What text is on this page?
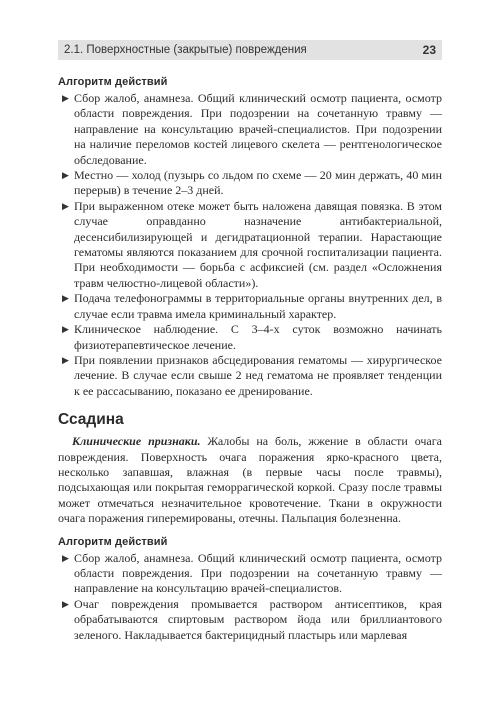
2.1. Поверхностные (закрытые) повреждения	23
Алгоритм действий
▶ Сбор жалоб, анамнеза. Общий клинический осмотр пациента, осмотр области повреждения. При подозрении на сочетанную травму — направление на консультацию врачей-специалистов. При подозрении на наличие переломов костей лицевого скелета — рентгенологическое обследование.
▶ Местно — холод (пузырь со льдом по схеме — 20 мин держать, 40 мин перерыв) в течение 2–3 дней.
▶ При выраженном отеке может быть наложена давящая повязка. В этом случае оправданно назначение антибактериальной, десенсибилизирующей и дегидратационной терапии. Нарастающие гематомы являются показанием для срочной госпитализации пациента. При необходимости — борьба с асфиксией (см. раздел «Осложнения травм челюстно-лицевой области»).
▶ Подача телефонограммы в территориальные органы внутренних дел, в случае если травма имела криминальный характер.
▶ Клиническое наблюдение. С 3–4-х суток возможно начинать физиотерапевтическое лечение.
▶ При появлении признаков абсцедирования гематомы — хирургическое лечение. В случае если свыше 2 нед гематома не проявляет тенденции к ее рассасыванию, показано ее дренирование.
Ссадина

Клинические признаки. Жалобы на боль, жжение в области очага повреждения. Поверхность очага поражения ярко-красного цвета, несколько запавшая, влажная (в первые часы после травмы), подсыхающая или покрытая геморрагической коркой. Сразу после травмы может отмечаться незначительное кровотечение. Ткани в окружности очага поражения гиперемированы, отечны. Пальпация болезненна.

Алгоритм действий
▶ Сбор жалоб, анамнеза. Общий клинический осмотр пациента, осмотр области повреждения. При подозрении на сочетанную травму — направление на консультацию врачей-специалистов.
▶ Очаг повреждения промывается раствором антисептиков, края обрабатываются спиртовым раствором йода или бриллиантового зеленого. Накладывается бактерицидный пластырь или марлевая
